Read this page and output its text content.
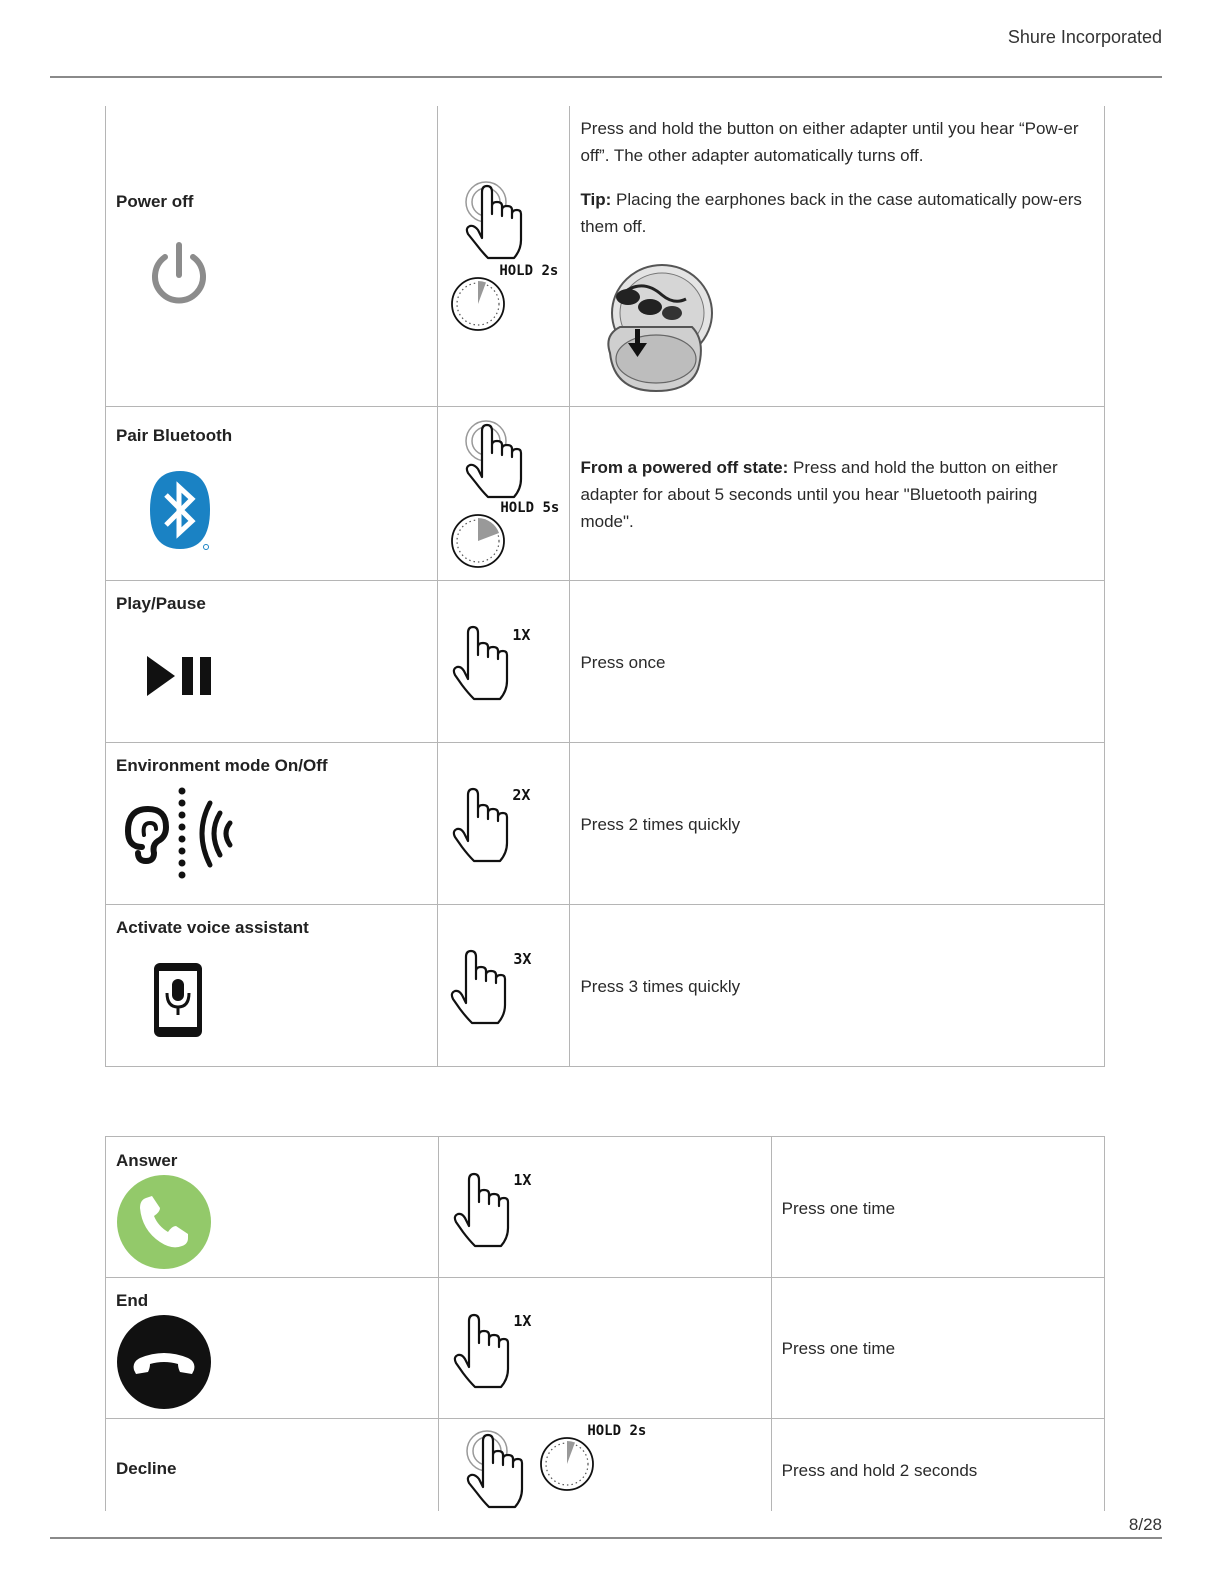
Shure Incorporated
Power off	HOLD 2s	Press and hold the button on either adapter until you hear “Pow-er off”. The other adapter automatically turns off.
Tip: Placing the earphones back in the case automatically pow-ers them off.

Pair Bluetooth	HOLD 5s	From a powered off state: Press and hold the button on either adapter for about 5 seconds until you hear "Bluetooth pairing mode".

Play/Pause	1X	Press once

Environment mode On/Off	2X	Press 2 times quickly

Activate voice assistant	3X	Press 3 times quickly
Answer	1X	Press one time

End	1X	Press one time

Decline	HOLD 2s	Press and hold 2 seconds
8/28
